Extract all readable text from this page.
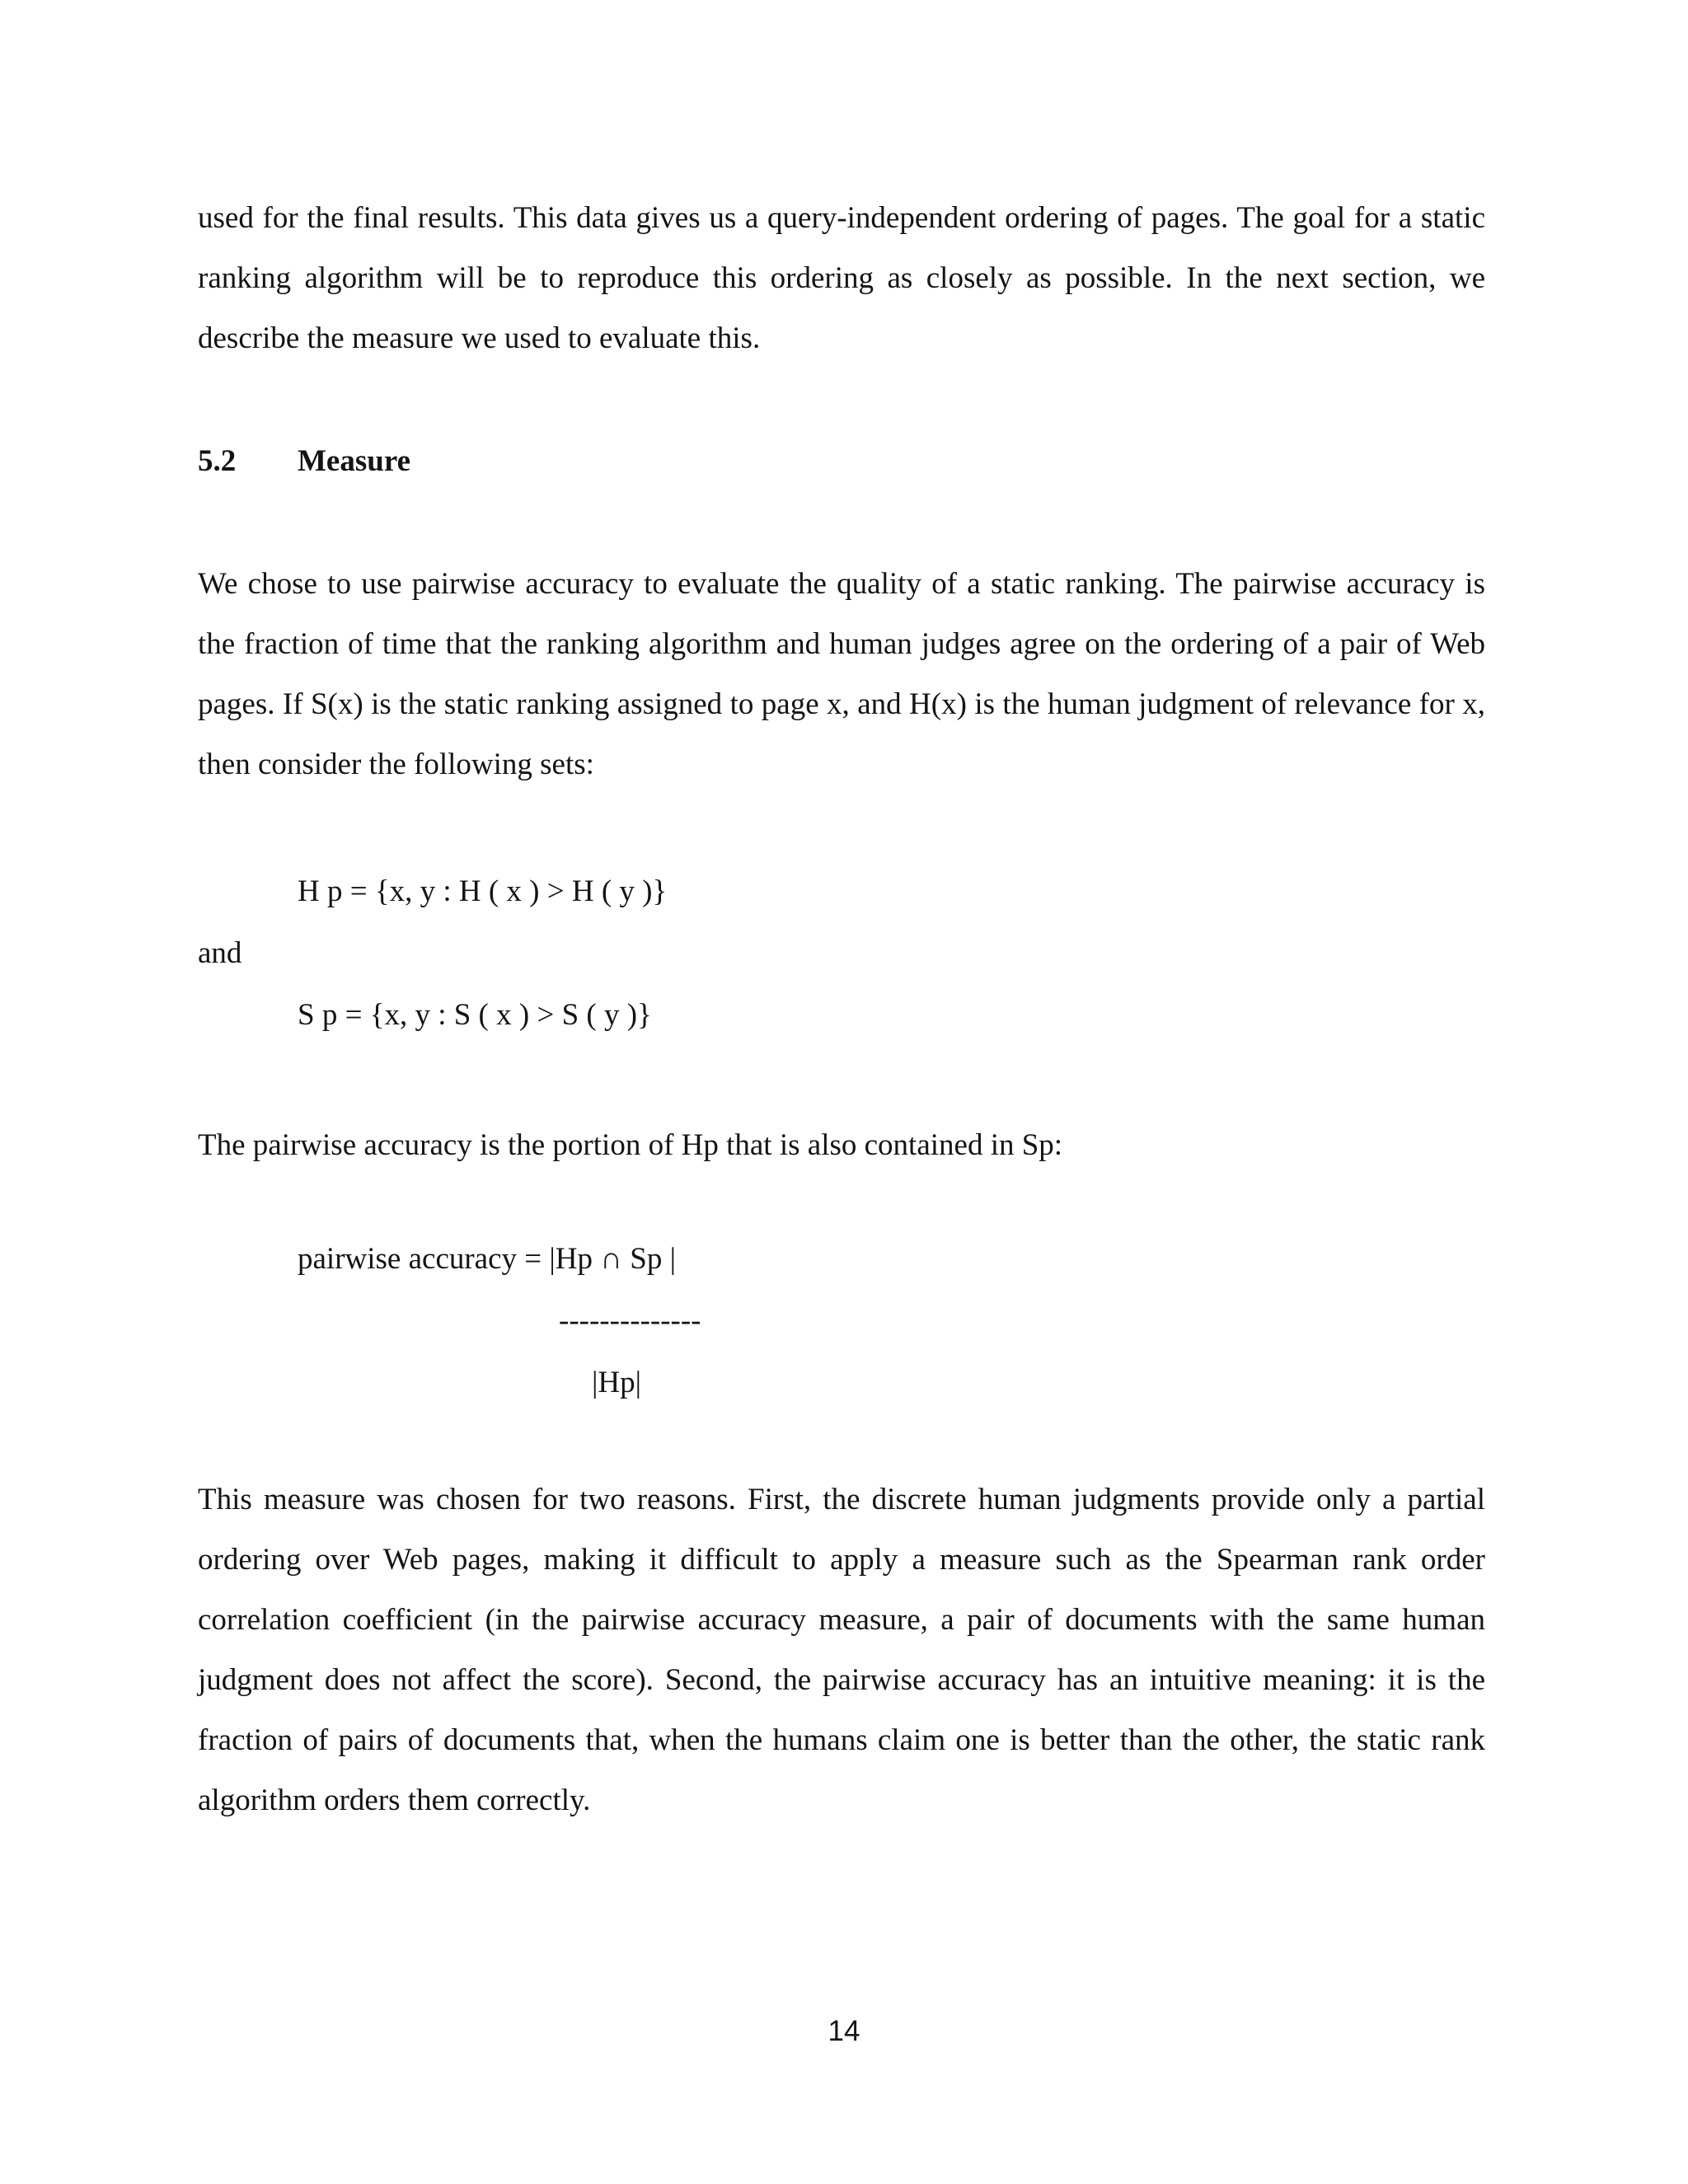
used for the final results. This data gives us a query-independent ordering of pages. The goal for a static ranking algorithm will be to reproduce this ordering as closely as possible. In the next section, we describe the measure we used to evaluate this.
5.2 Measure
We chose to use pairwise accuracy to evaluate the quality of a static ranking. The pairwise accuracy is the fraction of time that the ranking algorithm and human judges agree on the ordering of a pair of Web pages. If S(x) is the static ranking assigned to page x, and H(x) is the human judgment of relevance for x, then consider the following sets:
H p = {x, y : H ( x ) > H ( y )}
and
S p = {x, y : S ( x ) > S ( y )}
The pairwise accuracy is the portion of Hp that is also contained in Sp:
pairwise accuracy = |Hp ∩ Sp |
--------------
|Hp|
This measure was chosen for two reasons. First, the discrete human judgments provide only a partial ordering over Web pages, making it difficult to apply a measure such as the Spearman rank order correlation coefficient (in the pairwise accuracy measure, a pair of documents with the same human judgment does not affect the score). Second, the pairwise accuracy has an intuitive meaning: it is the fraction of pairs of documents that, when the humans claim one is better than the other, the static rank algorithm orders them correctly.
14
